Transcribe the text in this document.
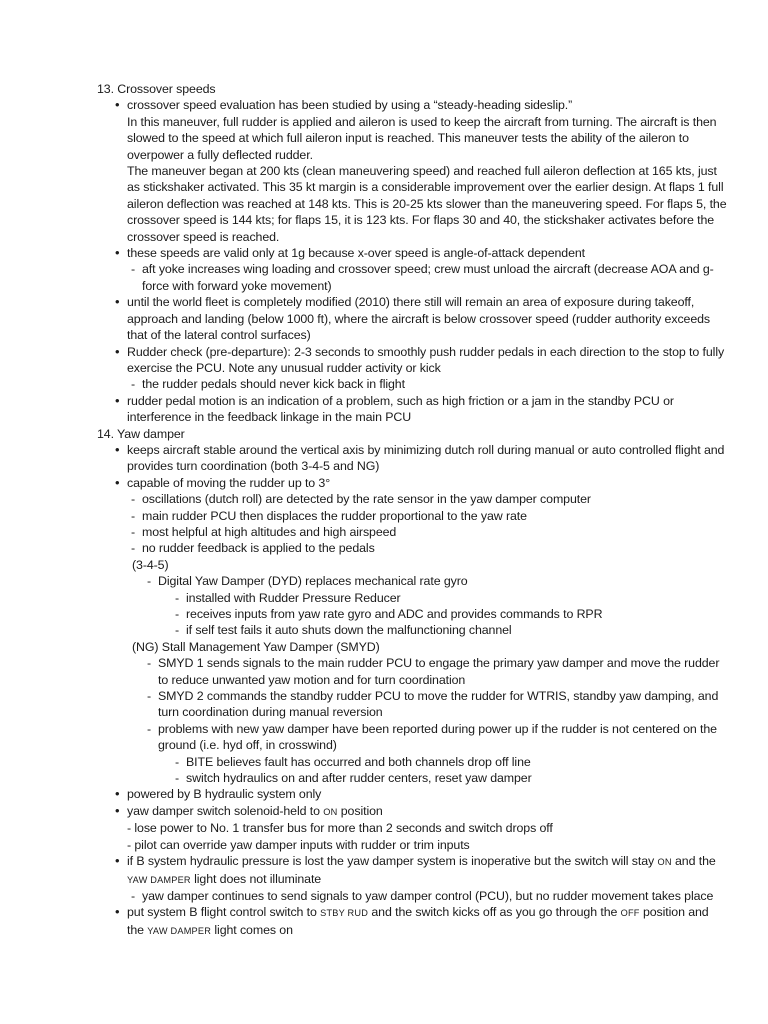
13. Crossover speeds

• crossover speed evaluation has been studied by using a “steady-heading sideslip.”
In this maneuver, full rudder is applied and aileron is used to keep the aircraft from turning. The aircraft is then slowed to the speed at which full aileron input is reached. This maneuver tests the ability of the aileron to overpower a fully deflected rudder.
The maneuver began at 200 kts (clean maneuvering speed) and reached full aileron deflection at 165 kts, just as stickshaker activated. This 35 kt margin is a considerable improvement over the earlier design. At flaps 1 full aileron deflection was reached at 148 kts. This is 20-25 kts slower than the maneuvering speed. For flaps 5, the crossover speed is 144 kts; for flaps 15, it is 123 kts. For flaps 30 and 40, the stickshaker activates before the crossover speed is reached.
• these speeds are valid only at 1g because x-over speed is angle-of-attack dependent
- aft yoke increases wing loading and crossover speed; crew must unload the aircraft (decrease AOA and g-force with forward yoke movement)
• until the world fleet is completely modified (2010) there still will remain an area of exposure during takeoff, approach and landing (below 1000 ft), where the aircraft is below crossover speed (rudder authority exceeds that of the lateral control surfaces)
• Rudder check (pre-departure): 2-3 seconds to smoothly push rudder pedals in each direction to the stop to fully exercise the PCU. Note any unusual rudder activity or kick
- the rudder pedals should never kick back in flight
• rudder pedal motion is an indication of a problem, such as high friction or a jam in the standby PCU or interference in the feedback linkage in the main PCU

14. Yaw damper

• keeps aircraft stable around the vertical axis by minimizing dutch roll during manual or auto controlled flight and provides turn coordination (both 3-4-5 and NG)
• capable of moving the rudder up to 3°
- oscillations (dutch roll) are detected by the rate sensor in the yaw damper computer
- main rudder PCU then displaces the rudder proportional to the yaw rate
- most helpful at high altitudes and high airspeed
- no rudder feedback is applied to the pedals
(3-4-5)
- Digital Yaw Damper (DYD) replaces mechanical rate gyro
- installed with Rudder Pressure Reducer
- receives inputs from yaw rate gyro and ADC and provides commands to RPR
- if self test fails it auto shuts down the malfunctioning channel
(NG) Stall Management Yaw Damper (SMYD)
- SMYD 1 sends signals to the main rudder PCU to engage the primary yaw damper and move the rudder to reduce unwanted yaw motion and for turn coordination
- SMYD 2 commands the standby rudder PCU to move the rudder for WTRIS, standby yaw damping, and turn coordination during manual reversion
- problems with new yaw damper have been reported during power up if the rudder is not centered on the ground (i.e. hyd off, in crosswind)
- BITE believes fault has occurred and both channels drop off line
- switch hydraulics on and after rudder centers, reset yaw damper
• powered by B hydraulic system only
• yaw damper switch solenoid-held to ON position
- lose power to No. 1 transfer bus for more than 2 seconds and switch drops off
- pilot can override yaw damper inputs with rudder or trim inputs
• if B system hydraulic pressure is lost the yaw damper system is inoperative but the switch will stay ON and the YAW DAMPER light does not illuminate
- yaw damper continues to send signals to yaw damper control (PCU), but no rudder movement takes place
• put system B flight control switch to STBY RUD and the switch kicks off as you go through the OFF position and the YAW DAMPER light comes on
